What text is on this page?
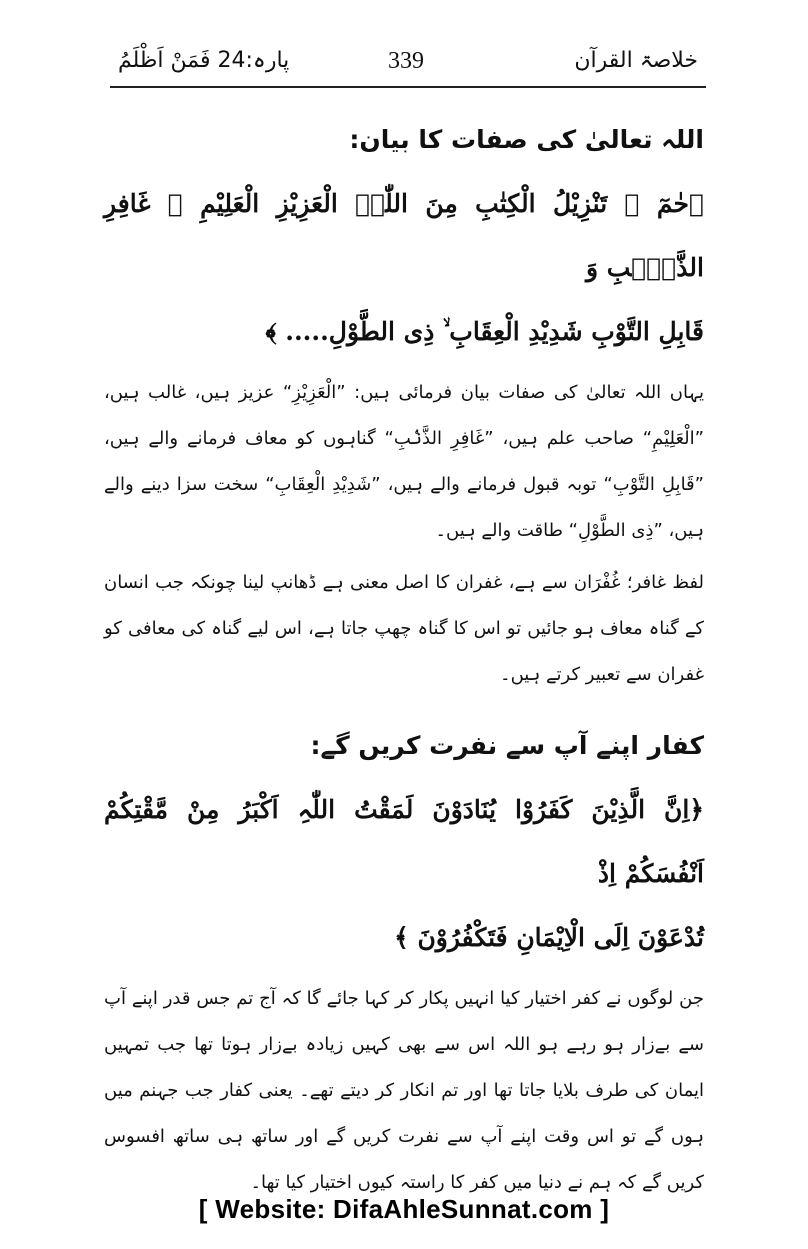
خلاصۃ القرآن
339
پارہ:24 فَمَنْ اَظْلَمُ
اللہ تعالیٰ کی صفات کا بیان:

﴿حٰمٓ ۚ تَنْزِیْلُ الْکِتٰبِ مِنَ اللّٰہِ الْعَزِیْزِ الْعَلِیْمِ ۙ غَافِرِ الذَّنْۢبِ وَ

قَابِلِ التَّوْبِ شَدِیْدِ الْعِقَابِ ۙ ذِی الطَّوْلِ..... ﴾

یہاں اللہ تعالیٰ کی صفات بیان فرمائی ہیں: ”الْعَزِیْزِ“ عزیز ہیں، غالب ہیں، ”الْعَلِیْمِ“ صاحب علم ہیں، ”غَافِرِ الذَّنْۢبِ“ گناہوں کو معاف فرمانے والے ہیں، ”قَابِلِ التَّوْبِ“ توبہ قبول فرمانے والے ہیں، ”شَدِیْدِ الْعِقَابِ“ سخت سزا دینے والے ہیں، ”ذِی الطَّوْلِ“ طاقت والے ہیں۔

لفظ غافر؛ غُفْرَان سے ہے، غفران کا اصل معنی ہے ڈھانپ لینا چونکہ جب انسان کے گناہ معاف ہو جائیں تو اس کا گناہ چھپ جاتا ہے، اس لیے گناہ کی معافی کو غفران سے تعبیر کرتے ہیں۔

کفار اپنے آپ سے نفرت کریں گے:

﴿اِنَّ الَّذِیْنَ کَفَرُوْا یُنَادَوْنَ لَمَقْتُ اللّٰہِ اَکْبَرُ مِنْ مَّقْتِکُمْ اَنْفُسَکُمْ اِذْ

تُدْعَوْنَ اِلَی الْاِیْمَانِ فَتَکْفُرُوْنَ ﴾

جن لوگوں نے کفر اختیار کیا انہیں پکار کر کہا جائے گا کہ آج تم جس قدر اپنے آپ سے بےزار ہو رہے ہو اللہ اس سے بھی کہیں زیادہ بےزار ہوتا تھا جب تمہیں ایمان کی طرف بلایا جاتا تھا اور تم انکار کر دیتے تھے۔ یعنی کفار جب جہنم میں ہوں گے تو اس وقت اپنے آپ سے نفرت کریں گے اور ساتھ ہی ساتھ افسوس کریں گے کہ ہم نے دنیا میں کفر کا راستہ کیوں اختیار کیا تھا۔

[ Website: DifaAhleSunnat.com ]
